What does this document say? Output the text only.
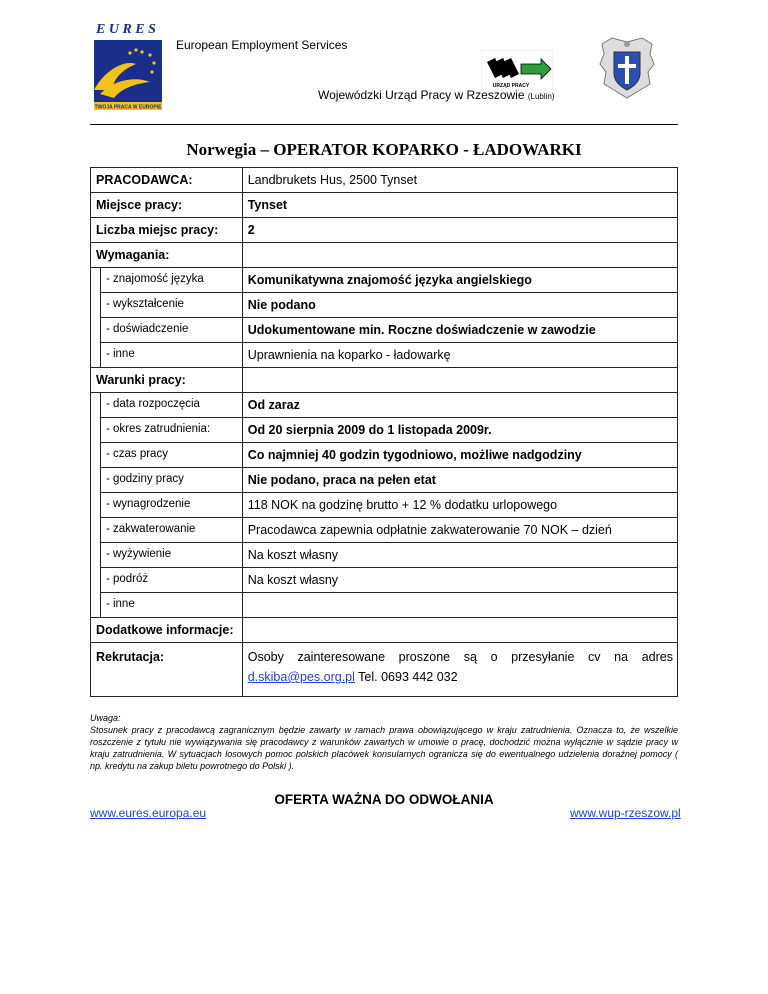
E U R E S
TWOJA PRACA W EUROPIE
European Employment Services
URZĄD PRACY
Wojewódzki Urząd Pracy w Rzeszowie (Lublin)
Norwegia – OPERATOR KOPARKO - ŁADOWARKI
PRACODAWCA:		Landbrukets Hus, 2500 Tynset
Miejsce pracy:		Tynset
Liczba miejsc pracy:		2
Wymagania:		
	- znajomość języka	Komunikatywna znajomość języka angielskiego
	- wykształcenie	Nie podano
	- doświadczenie	Udokumentowane min. Roczne doświadczenie w zawodzie
	- inne	Uprawnienia na koparko - ładowarkę
Warunki pracy:		
	- data rozpoczęcia	Od zaraz
	- okres zatrudnienia:	Od 20 sierpnia 2009 do 1 listopada 2009r.
	- czas pracy	Co najmniej 40 godzin tygodniowo, możliwe nadgodziny
	- godziny pracy	Nie podano, praca na pełen etat
	- wynagrodzenie	118 NOK na godzinę brutto + 12 % dodatku urlopowego
	- zakwaterowanie	Pracodawca zapewnia odpłatnie zakwaterowanie 70 NOK – dzień
	- wyżywienie	Na koszt własny
	- podróż	Na koszt własny
	- inne	
Dodatkowe informacje:		
Rekrutacja:		Osoby zainteresowane proszone są o przesyłanie cv na adres
d.skiba@pes.org.pl Tel. 0693 442 032
Uwaga:
Stosunek pracy z pracodawcą zagranicznym będzie zawarty w ramach prawa obowiązującego w kraju zatrudnienia. Oznacza to, że wszelkie roszczenie z tytułu nie wywiązywania się pracodawcy z warunków zawartych w umowie o pracę, dochodzić można wyłącznie w sądzie pracy w kraju zatrudnienia. W sytuacjach losowych pomoc polskich placówek konsularnych ogranicza się do ewentualnego udzielenia doraźnej pomocy ( np. kredytu na zakup biletu powrotnego do Polski ).
OFERTA WAŻNA DO ODWOŁANIA
www.eures.europa.eu	www.wup-rzeszow.pl
